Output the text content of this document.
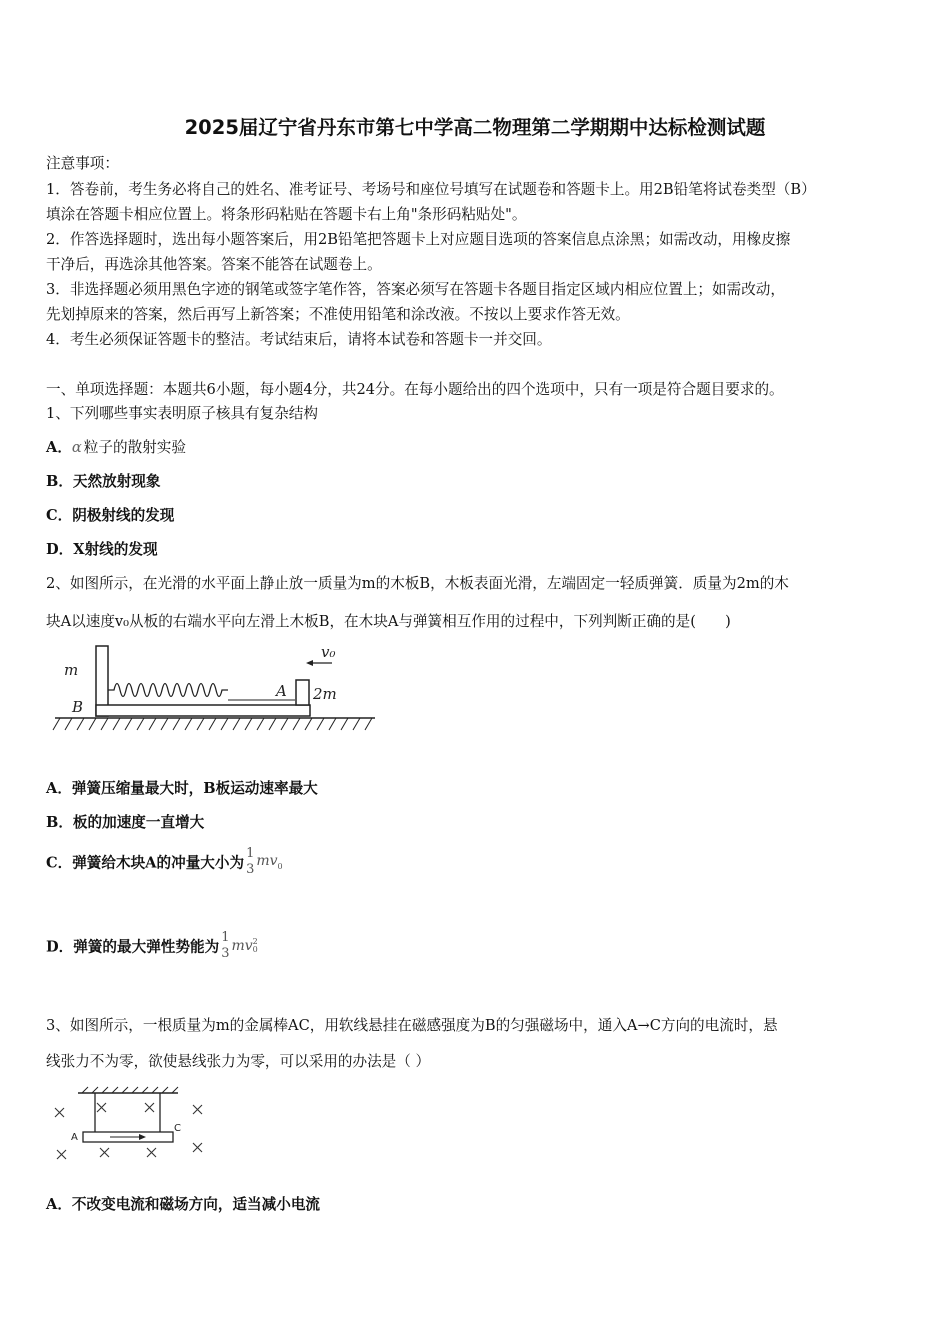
2025届辽宁省丹东市第七中学高二物理第二学期期中达标检测试题
注意事项：
1．答卷前，考生务必将自己的姓名、准考证号、考场号和座位号填写在试题卷和答题卡上。用2B铅笔将试卷类型（B）
填涂在答题卡相应位置上。将条形码粘贴在答题卡右上角"条形码粘贴处"。
2．作答选择题时，选出每小题答案后，用2B铅笔把答题卡上对应题目选项的答案信息点涂黑；如需改动，用橡皮擦
干净后，再选涂其他答案。答案不能答在试题卷上。
3．非选择题必须用黑色字迹的钢笔或签字笔作答，答案必须写在答题卡各题目指定区域内相应位置上；如需改动，
先划掉原来的答案，然后再写上新答案；不准使用铅笔和涂改液。不按以上要求作答无效。
4．考生必须保证答题卡的整洁。考试结束后，请将本试卷和答题卡一并交回。
一、单项选择题：本题共6小题，每小题4分，共24分。在每小题给出的四个选项中，只有一项是符合题目要求的。
1、下列哪些事实表明原子核具有复杂结构
A．α 粒子的散射实验
B．天然放射现象
C．阴极射线的发现
D．X射线的发现
2、如图所示，在光滑的水平面上静止放一质量为m的木板B，木板表面光滑，左端固定一轻质弹簧．质量为2m的木
块A以速度v₀从板的右端水平向左滑上木板B，在木块A与弹簧相互作用的过程中，下列判断正确的是(　　)
m
B
A 2m
v₀
A．弹簧压缩量最大时，B板运动速率最大
B．板的加速度一直增大
C．弹簧给木块A的冲量大小为
1
3
$mv_0$
D．弹簧的最大弹性势能为
1
3 mv 2
0
3、如图所示，一根质量为m的金属棒AC，用软线悬挂在磁感强度为B的匀强磁场中，通入A→C方向的电流时，悬
线张力不为零，欲使悬线张力为零，可以采用的办法是（ ）
A
C
A．不改变电流和磁场方向，适当减小电流
